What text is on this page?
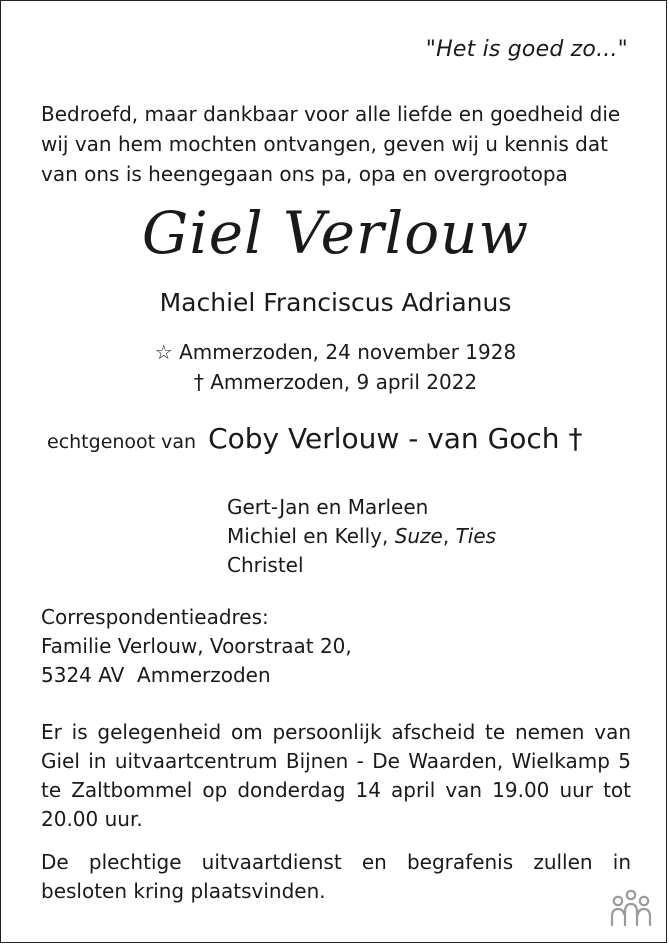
"Het is goed zo..."
Bedroefd, maar dankbaar voor alle liefde en goedheid die wij van hem mochten ontvangen, geven wij u kennis dat van ons is heengegaan ons pa, opa en overgrootopa
Giel Verlouw
Machiel Franciscus Adrianus
☆ Ammerzoden, 24 november 1928
† Ammerzoden, 9 april 2022
echtgenoot van Coby Verlouw - van Goch †
Gert-Jan en Marleen
Michiel en Kelly, Suze, Ties
Christel
Correspondentieadres:
Familie Verlouw, Voorstraat 20,
5324 AV  Ammerzoden
Er is gelegenheid om persoonlijk afscheid te nemen van Giel in uitvaartcentrum Bijnen - De Waarden, Wielkamp 5 te Zaltbommel op donderdag 14 april van 19.00 uur tot 20.00 uur.
De plechtige uitvaartdienst en begrafenis zullen in besloten kring plaatsvinden.
